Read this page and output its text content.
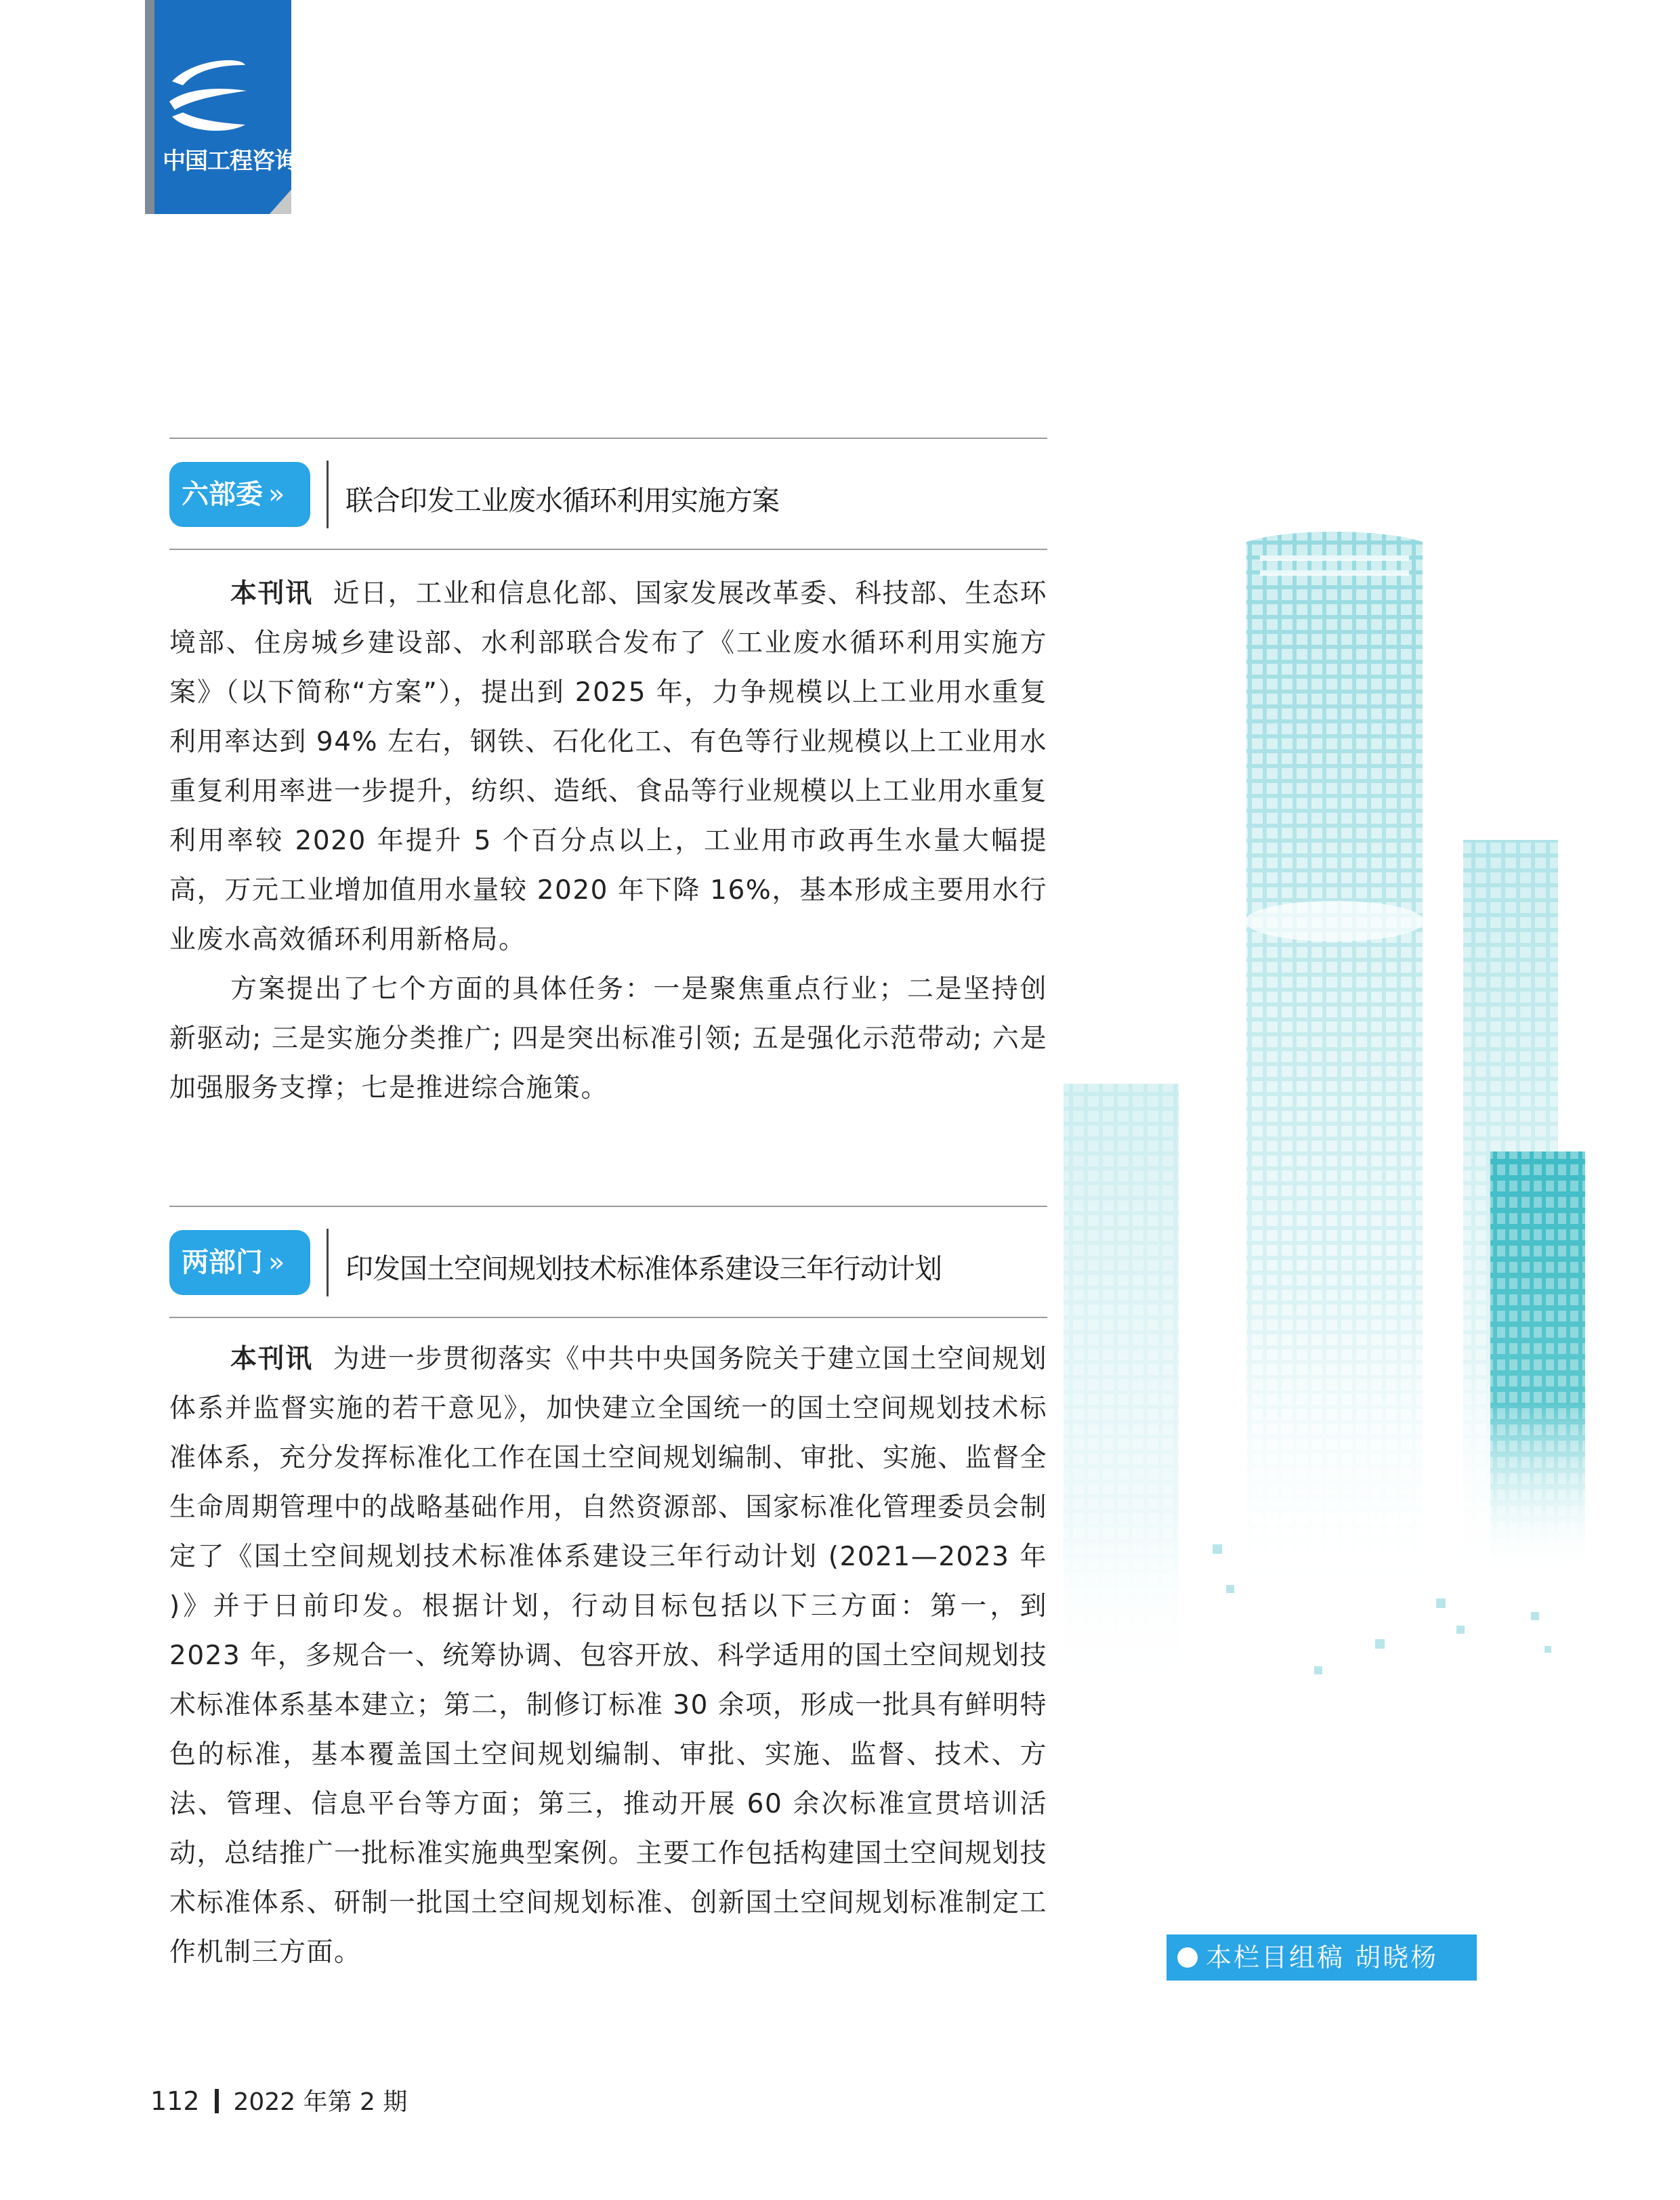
中国工程咨询
六部委 »	联合印发工业废水循环利用实施方案

本刊讯 近日，工业和信息化部、国家发展改革委、科技部、生态环境部、住房城乡建设部、水利部联合发布了《工业废水循环利用实施方案》（以下简称“方案”），提出到 2025 年，力争规模以上工业用水重复利用率达到 94% 左右，钢铁、石化化工、有色等行业规模以上工业用水重复利用率进一步提升，纺织、造纸、食品等行业规模以上工业用水重复利用率较 2020 年提升 5 个百分点以上，工业用市政再生水量大幅提高，万元工业增加值用水量较 2020 年下降 16%，基本形成主要用水行业废水高效循环利用新格局。

方案提出了七个方面的具体任务：一是聚焦重点行业；二是坚持创新驱动; 三是实施分类推广; 四是突出标准引领; 五是强化示范带动; 六是加强服务支撑；七是推进综合施策。

两部门 »	印发国土空间规划技术标准体系建设三年行动计划

本刊讯 为进一步贯彻落实《中共中央国务院关于建立国土空间规划体系并监督实施的若干意见》，加快建立全国统一的国土空间规划技术标准体系，充分发挥标准化工作在国土空间规划编制、审批、实施、监督全生命周期管理中的战略基础作用，自然资源部、国家标准化管理委员会制定了《国土空间规划技术标准体系建设三年行动计划 (2021—2023 年 )》并于日前印发。根据计划，行动目标包括以下三方面：第一，到 2023 年，多规合一、统筹协调、包容开放、科学适用的国土空间规划技术标准体系基本建立；第二，制修订标准 30 余项，形成一批具有鲜明特色的标准，基本覆盖国土空间规划编制、审批、实施、监督、技术、方法、管理、信息平台等方面；第三，推动开展 60 余次标准宣贯培训活动，总结推广一批标准实施典型案例。主要工作包括构建国土空间规划技术标准体系、研制一批国土空间规划标准、创新国土空间规划标准制定工作机制三方面。	本栏目组稿 胡晓杨
112 2022 年第 2 期
